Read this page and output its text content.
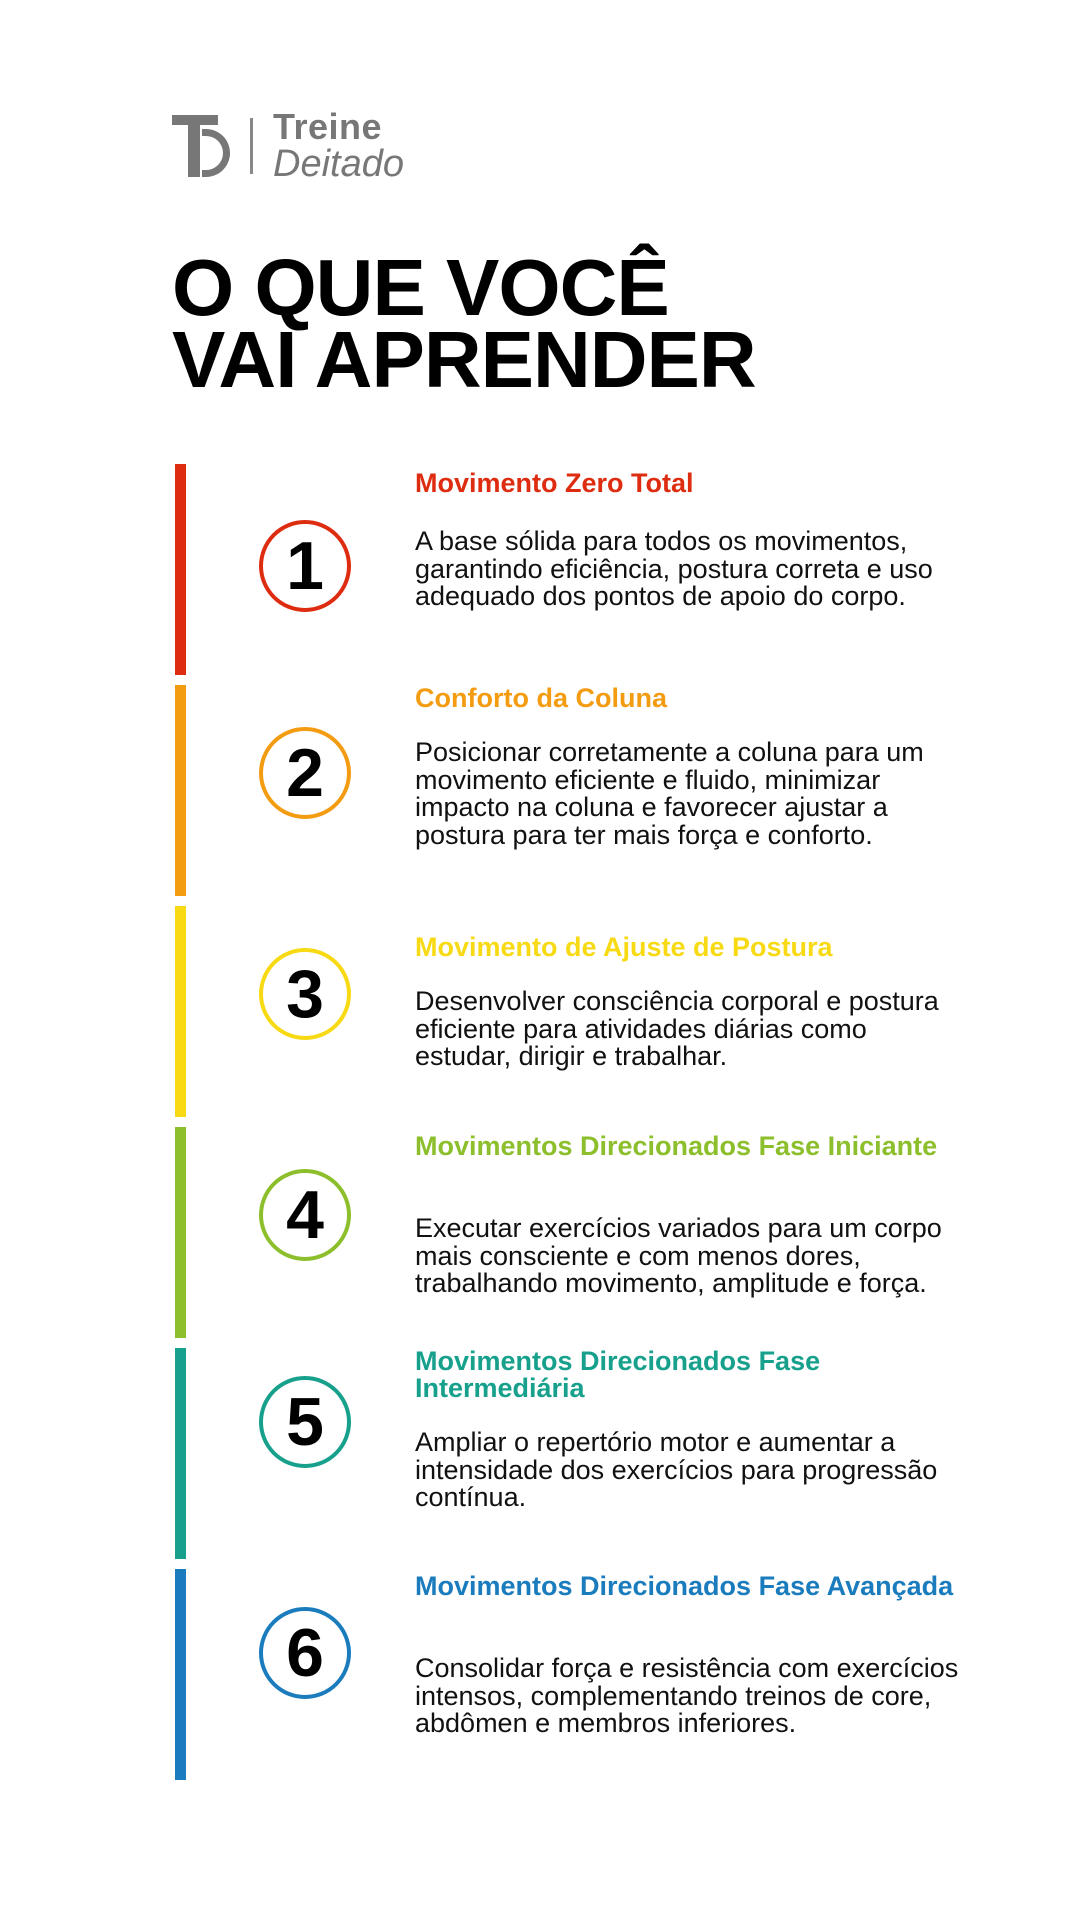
Treine
Deitado
O QUE VOCÊ
VAI APRENDER
1

Movimento Zero Total

A base sólida para todos os movimentos, garantindo eficiência, postura correta e uso adequado dos pontos de apoio do corpo.

2

Conforto da Coluna

Posicionar corretamente a coluna para um movimento eficiente e fluido, minimizar impacto na coluna e favorecer ajustar a postura para ter mais força e conforto.

3

Movimento de Ajuste de Postura

Desenvolver consciência corporal e postura eficiente para atividades diárias como estudar, dirigir e trabalhar.

4

Movimentos Direcionados Fase Iniciante

Executar exercícios variados para um corpo mais consciente e com menos dores, trabalhando movimento, amplitude e força.

5

Movimentos Direcionados Fase Intermediária

Ampliar o repertório motor e aumentar a intensidade dos exercícios para progressão contínua.

6

Movimentos Direcionados Fase Avançada

Consolidar força e resistência com exercícios intensos, complementando treinos de core, abdômen e membros inferiores.
